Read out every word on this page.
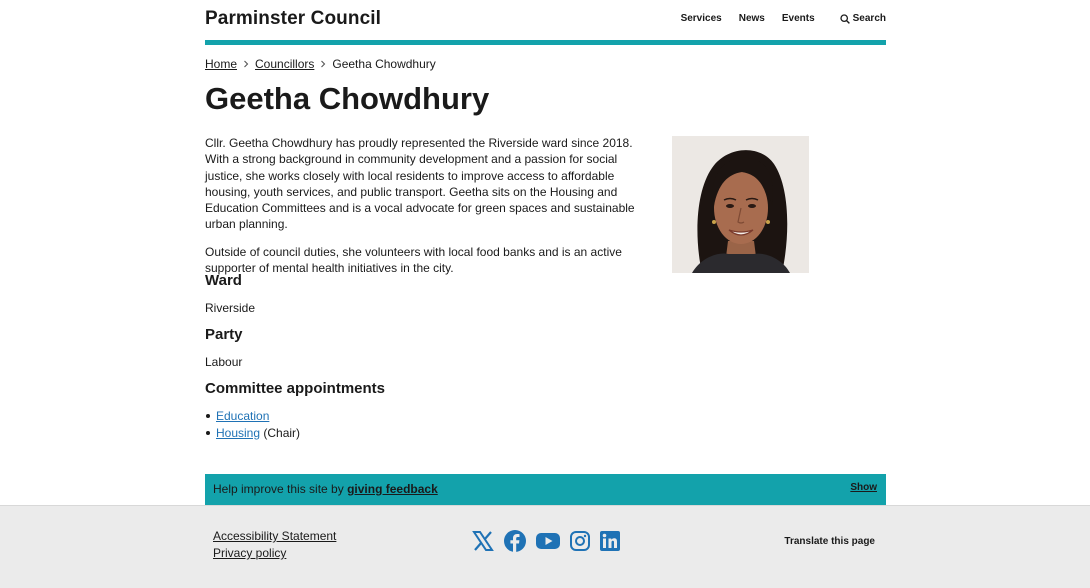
Parminster Council	Services News Events	Search
Home Councillors Geetha Chowdhury
Geetha Chowdhury

Cllr. Geetha Chowdhury has proudly represented the Riverside ward since 2018. With a strong background in community development and a passion for social justice, she works closely with local residents to improve access to affordable housing, youth services, and public transport. Geetha sits on the Housing and Education Committees and is a vocal advocate for green spaces and sustainable urban planning.

Outside of council duties, she volunteers with local food banks and is an active supporter of mental health initiatives in the city.

Ward
Riverside
Party
Labour
Committee appointments
Education
Housing (Chair)
Help improve this site by giving feedback	Show
Accessibility Statement
Privacy policy
Translate this page
